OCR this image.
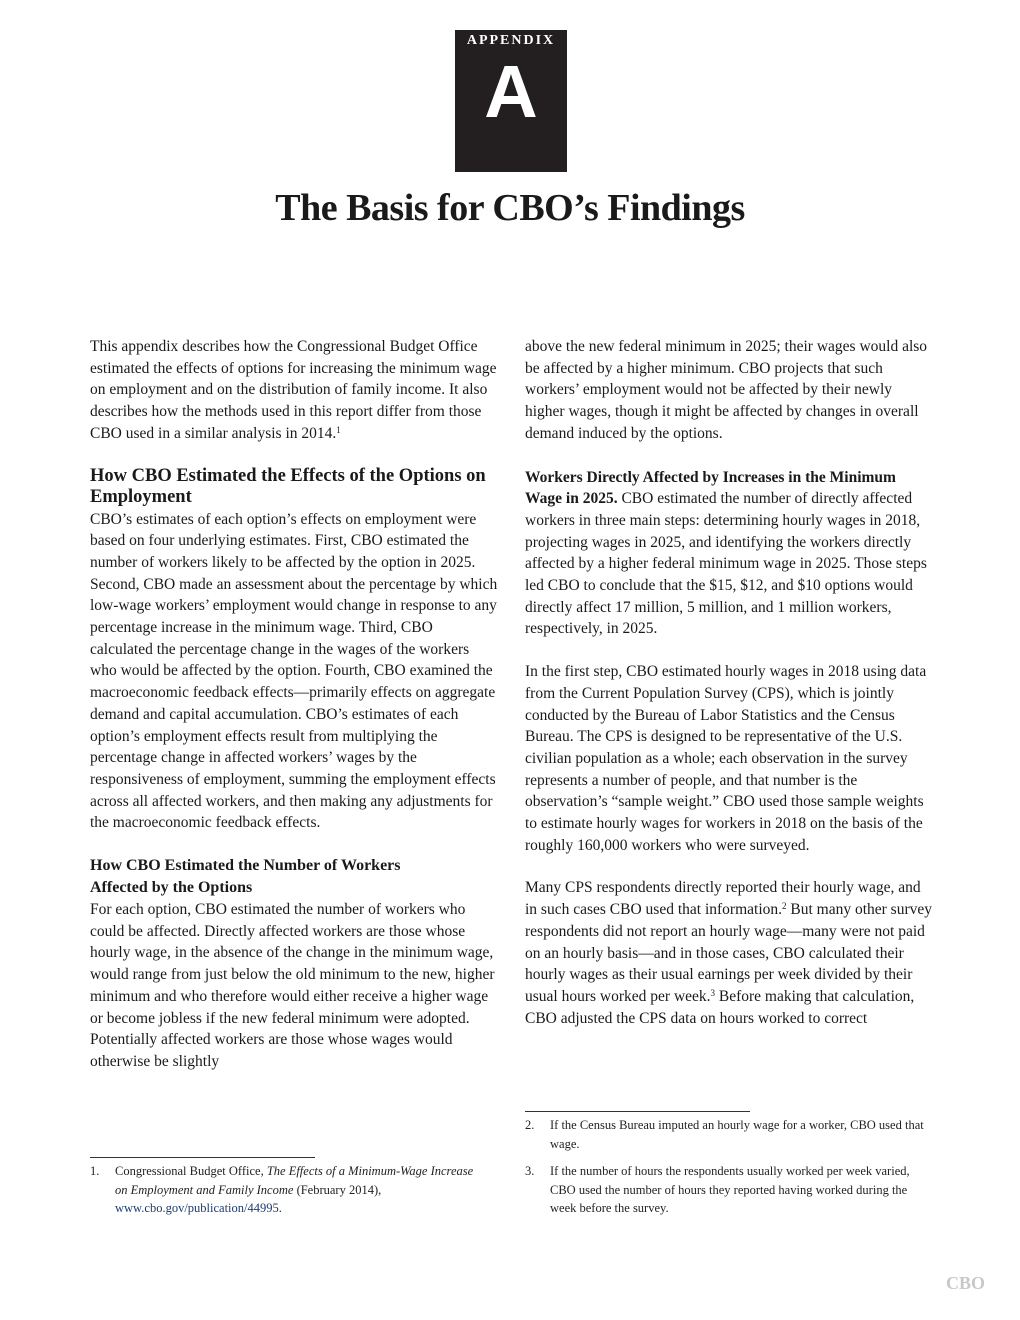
APPENDIX
A
The Basis for CBO’s Findings

This appendix describes how the Congressional Budget Office estimated the effects of options for increasing the minimum wage on employment and on the distribution of family income. It also describes how the methods used in this report differ from those CBO used in a similar analysis in 2014.$^1$

How CBO Estimated the Effects of the Options on Employment

CBO’s estimates of each option’s effects on employment were based on four underlying estimates. First, CBO estimated the number of workers likely to be affected by the option in 2025. Second, CBO made an assessment about the percentage by which low-wage workers’ employment would change in response to any percentage increase in the minimum wage. Third, CBO calculated the percentage change in the wages of the workers who would be affected by the option. Fourth, CBO examined the macroeconomic feedback effects—primarily effects on aggregate demand and capital accumulation. CBO’s estimates of each option’s employment effects result from multiplying the percentage change in affected workers’ wages by the responsiveness of employment, summing the employment effects across all affected workers, and then making any adjustments for the macroeconomic feedback effects.

How CBO Estimated the Number of Workers Affected by the Options

For each option, CBO estimated the number of workers who could be affected. Directly affected workers are those whose hourly wage, in the absence of the change in the minimum wage, would range from just below the old minimum to the new, higher minimum and who therefore would either receive a higher wage or become jobless if the new federal minimum were adopted. Potentially affected workers are those whose wages would otherwise be slightly

above the new federal minimum in 2025; their wages would also be affected by a higher minimum. CBO projects that such workers’ employment would not be affected by their newly higher wages, though it might be affected by changes in overall demand induced by the options.

Workers Directly Affected by Increases in the Minimum Wage in 2025. CBO estimated the number of directly affected workers in three main steps: determining hourly wages in 2018, projecting wages in 2025, and identifying the workers directly affected by a higher federal minimum wage in 2025. Those steps led CBO to conclude that the $15, $12, and $10 options would directly affect 17 million, 5 million, and 1 million workers, respectively, in 2025.

In the first step, CBO estimated hourly wages in 2018 using data from the Current Population Survey (CPS), which is jointly conducted by the Bureau of Labor Statistics and the Census Bureau. The CPS is designed to be representative of the U.S. civilian population as a whole; each observation in the survey represents a number of people, and that number is the observation’s “sample weight.” CBO used those sample weights to estimate hourly wages for workers in 2018 on the basis of the roughly 160,000 workers who were surveyed.

Many CPS respondents directly reported their hourly wage, and in such cases CBO used that information.$^2$ But many other survey respondents did not report an hourly wage—many were not paid on an hourly basis—and in those cases, CBO calculated their hourly wages as their usual earnings per week divided by their usual hours worked per week.$^3$ Before making that calculation, CBO adjusted the CPS data on hours worked to correct

1. Congressional Budget Office, The Effects of a Minimum-Wage Increase on Employment and Family Income (February 2014), www.cbo.gov/publication/44995.
2. If the Census Bureau imputed an hourly wage for a worker, CBO used that wage.
3. If the number of hours the respondents usually worked per week varied, CBO used the number of hours they reported having worked during the week before the survey.
CBO
